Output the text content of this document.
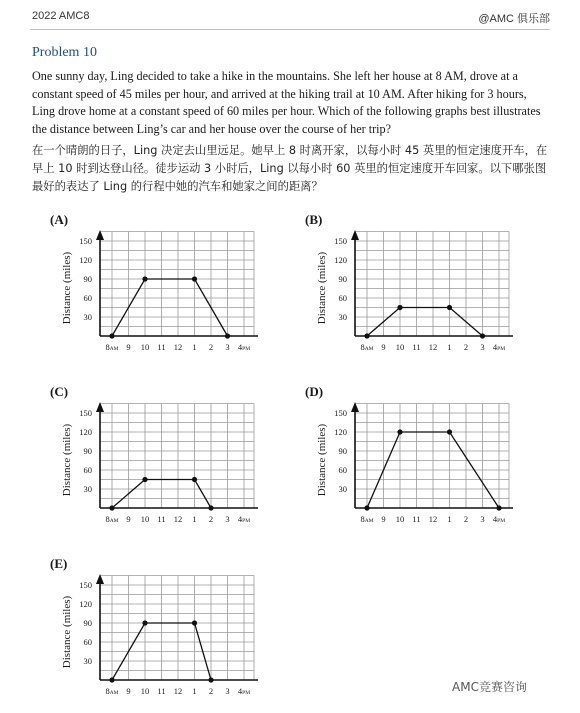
2022 AMC8	@AMC 俱乐部
Problem 10

One sunny day, Ling decided to take a hike in the mountains. She left her house at 8 AM, drove at a constant speed of 45 miles per hour, and arrived at the hiking trail at 10 AM. After hiking for 3 hours, Ling drove home at a constant speed of 60 miles per hour. Which of the following graphs best illustrates the distance between Ling’s car and her house over the course of her trip?

在一个晴朗的日子，Ling 决定去山里远足。她早上 8 时离开家，以每小时 45 英里的恒定速度开车，在早上 10 时到达登山径。徒步运动 3 小时后，Ling 以每小时 60 英里的恒定速度开车回家。以下哪张图最好的表达了 Ling 的行程中她的汽车和她家之间的距离？

(A)
Distance (miles) 30
60
90
120
150
8AM 9 10 11 12 1 2 3 4PM
(B)
Distance (miles) 30
60
90
120
150
8AM 9 10 11 12 1 2 3 4PM
(C)
Distance (miles) 30
60
90
120
150
8AM 9 10 11 12 1 2 3 4PM
(D)
Distance (miles) 30
60
90
120
150
8AM 9 10 11 12 1 2 3 4PM
(E)
Distance (miles) 30
60
90
120
150
8AM 9 10 11 12 1 2 3 4PM	AMC竞赛咨询
